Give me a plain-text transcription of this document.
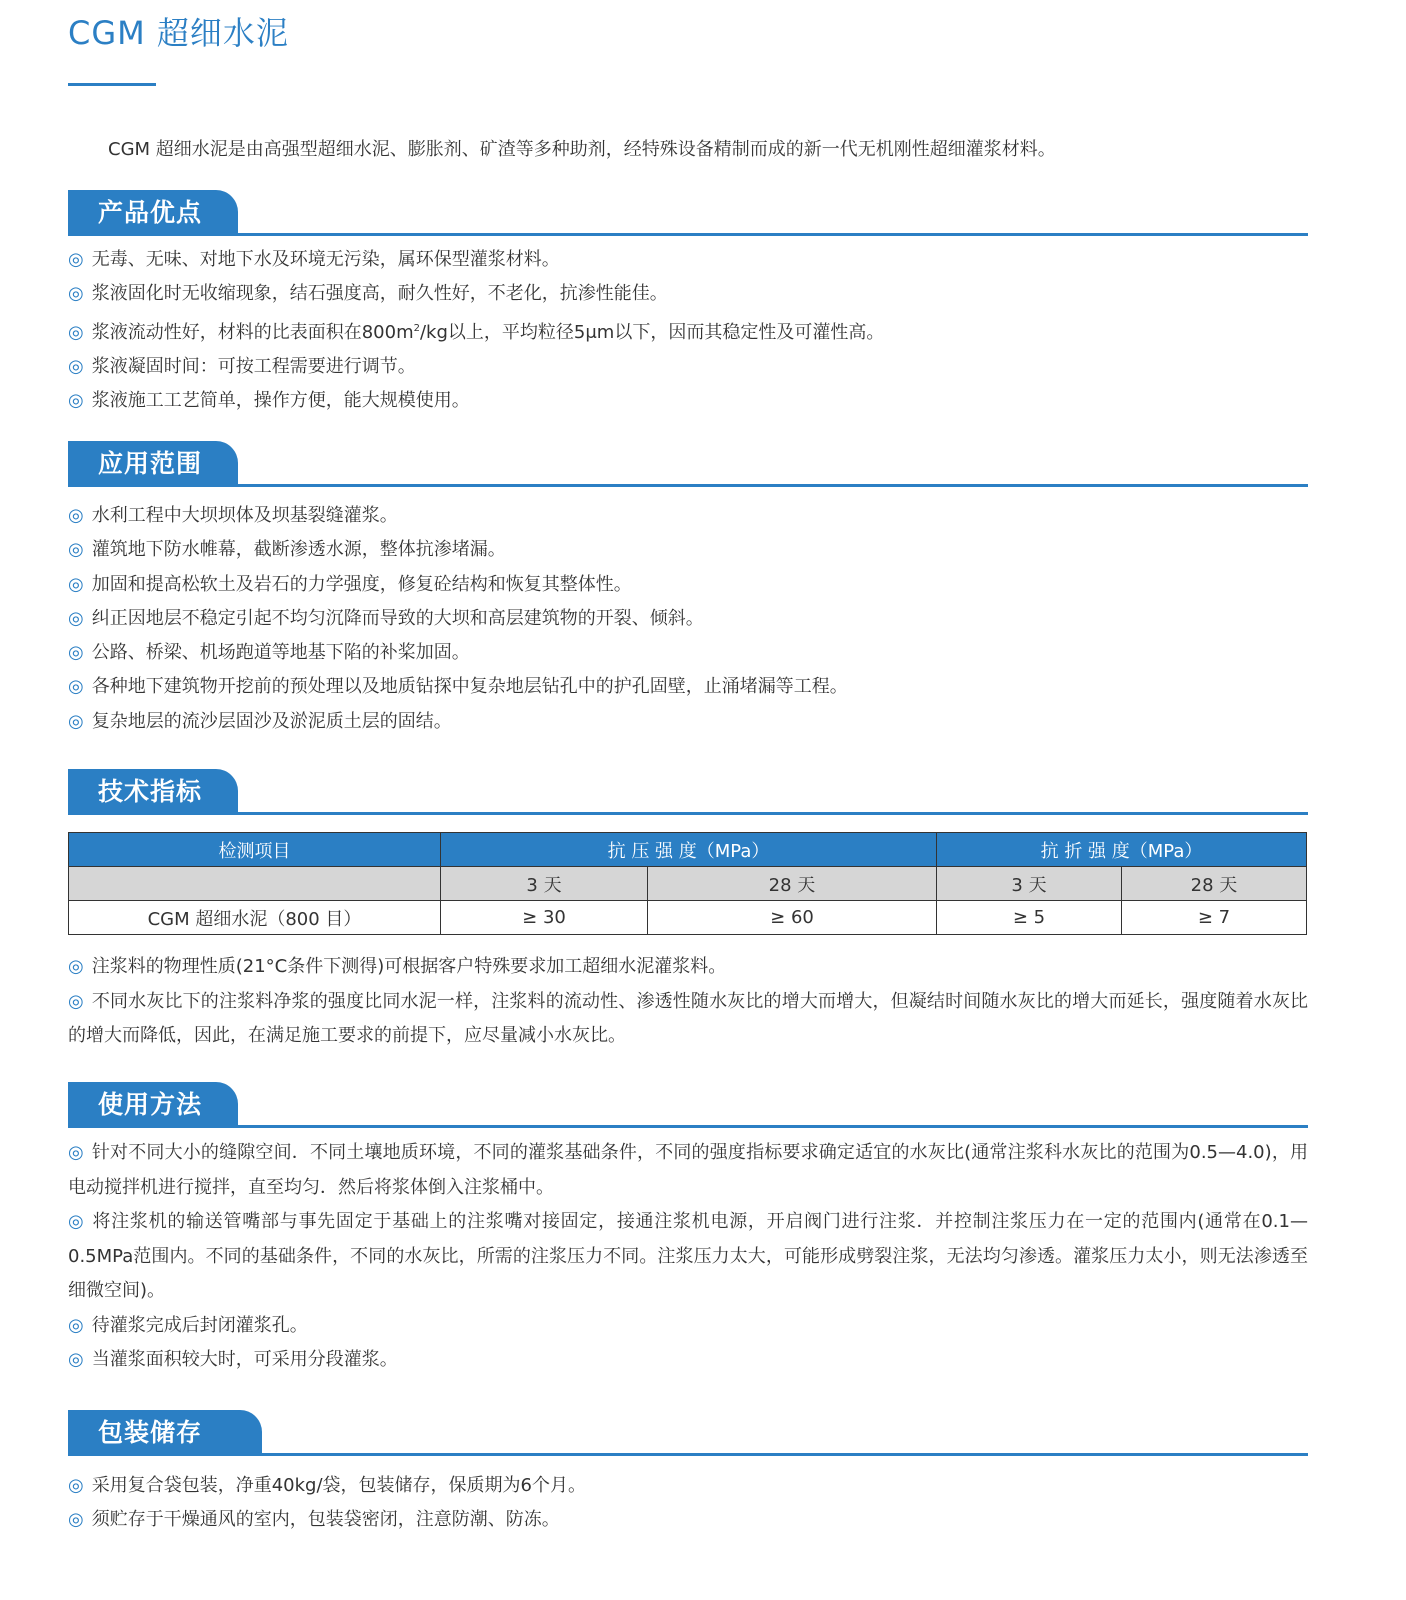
CGM 超细水泥
CGM 超细水泥是由高强型超细水泥、膨胀剂、矿渣等多种助剂，经特殊设备精制而成的新一代无机刚性超细灌浆材料。
产品优点
◎ 无毒、无味、对地下水及环境无污染，属环保型灌浆材料。
◎ 浆液固化时无收缩现象，结石强度高，耐久性好，不老化，抗渗性能佳。
◎ 浆液流动性好，材料的比表面积在$800m^2/kg$以上，平均粒径5μm以下，因而其稳定性及可灌性高。
◎ 浆液凝固时间：可按工程需要进行调节。
◎ 浆液施工工艺简单，操作方便，能大规模使用。
应用范围
◎ 水利工程中大坝坝体及坝基裂缝灌浆。
◎ 灌筑地下防水帷幕，截断渗透水源，整体抗渗堵漏。
◎ 加固和提高松软土及岩石的力学强度，修复砼结构和恢复其整体性。
◎ 纠正因地层不稳定引起不均匀沉降而导致的大坝和高层建筑物的开裂、倾斜。
◎ 公路、桥梁、机场跑道等地基下陷的补桨加固。
◎ 各种地下建筑物开挖前的预处理以及地质钻探中复杂地层钻孔中的护孔固壁，止涌堵漏等工程。
◎ 复杂地层的流沙层固沙及淤泥质土层的固结。
技术指标
检测项目	抗 压 强 度（MPa）		抗 折 强 度（MPa）	
	3 天	28 天	3 天	28 天
CGM 超细水泥（800 目）	≥ 30	≥ 60	≥ 5	≥ 7
◎ 注浆料的物理性质(21°C条件下测得)可根据客户特殊要求加工超细水泥灌浆料。
◎ 不同水灰比下的注浆料净浆的强度比同水泥一样，注浆料的流动性、渗透性随水灰比的增大而增大，但凝结时间随水灰比的增大而延长，强度随着水灰比的增大而降低，因此，在满足施工要求的前提下，应尽量减小水灰比。
使用方法
◎ 针对不同大小的缝隙空间．不同土壤地质环境，不同的灌浆基础条件，不同的强度指标要求确定适宜的水灰比(通常注浆科水灰比的范围为0.5—4.0)，用电动搅拌机进行搅拌，直至均匀．然后将浆体倒入注浆桶中。
◎ 将注浆机的输送管嘴部与事先固定于基础上的注浆嘴对接固定，接通注浆机电源，开启阀门进行注浆．并控制注浆压力在一定的范围内(通常在0.1—0.5MPa范围内。不同的基础条件，不同的水灰比，所需的注浆压力不同。注浆压力太大，可能形成劈裂注浆，无法均匀渗透。灌浆压力太小，则无法渗透至细微空间)。
◎ 待灌浆完成后封闭灌浆孔。
◎ 当灌浆面积较大时，可采用分段灌浆。
包装储存
◎ 采用复合袋包装，净重40kg/袋，包装储存，保质期为6个月。
◎ 须贮存于干燥通风的室内，包装袋密闭，注意防潮、防冻。
